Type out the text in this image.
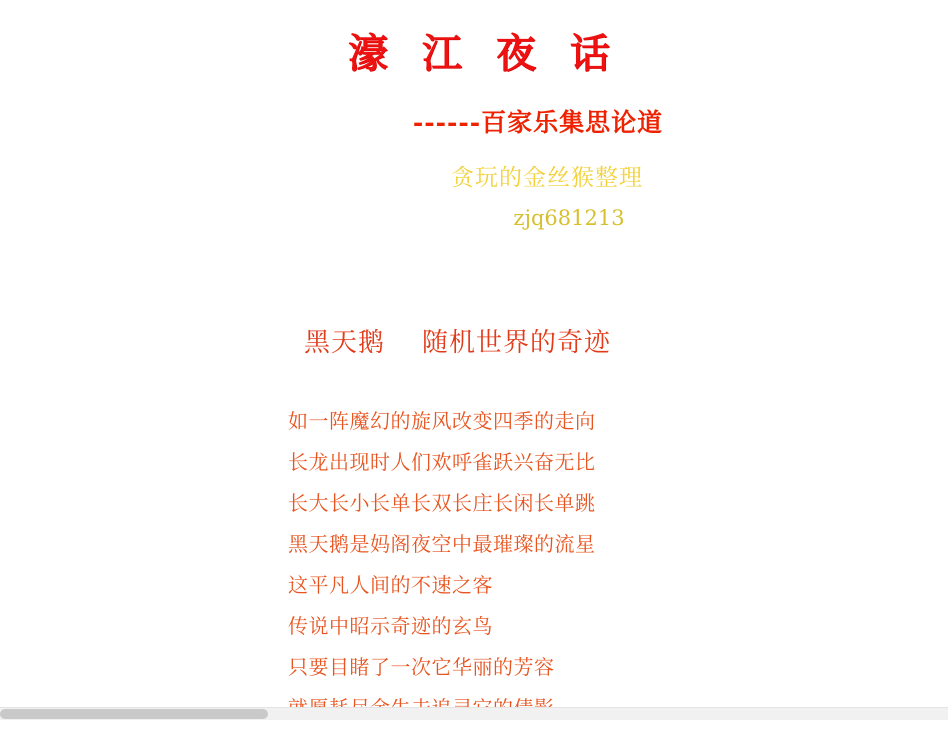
濠 江 夜 话
------百家乐集思论道
贪玩的金丝猴整理
zjq681213
黑天鹅    随机世界的奇迹
如一阵魔幻的旋风改变四季的走向
长龙出现时人们欢呼雀跃兴奋无比
长大长小长单长双长庄长闲长单跳
黑天鹅是妈阁夜空中最璀璨的流星
这平凡人间的不速之客
传说中昭示奇迹的玄鸟
只要目睹了一次它华丽的芳容
